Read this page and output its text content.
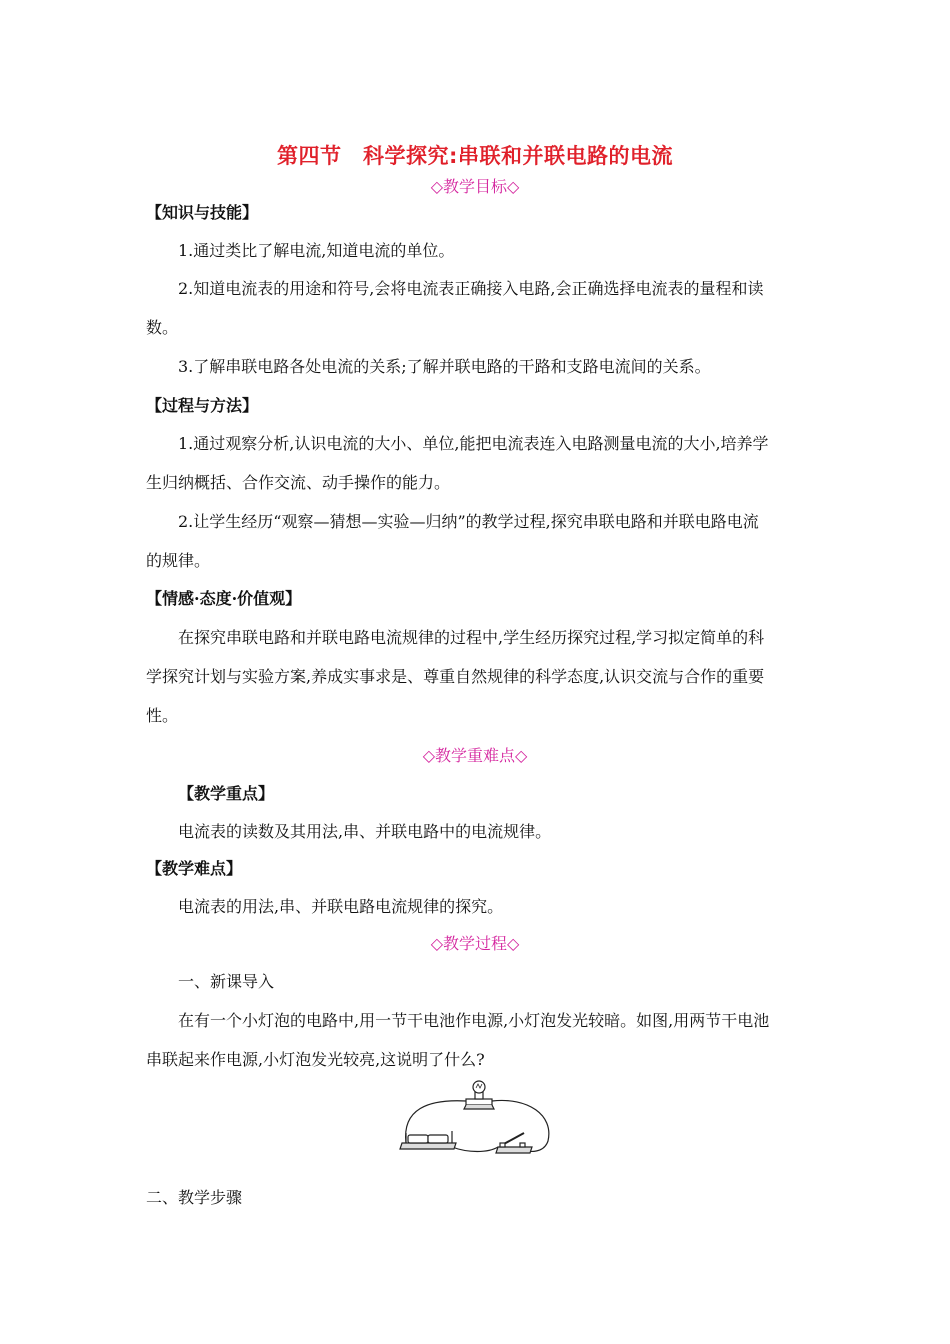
第四节　科学探究:串联和并联电路的电流
◇教学目标◇
【知识与技能】
1.通过类比了解电流,知道电流的单位。
2.知道电流表的用途和符号,会将电流表正确接入电路,会正确选择电流表的量程和读
数。
3.了解串联电路各处电流的关系;了解并联电路的干路和支路电流间的关系。
【过程与方法】
1.通过观察分析,认识电流的大小、单位,能把电流表连入电路测量电流的大小,培养学
生归纳概括、合作交流、动手操作的能力。
2.让学生经历“观察—猜想—实验—归纳”的教学过程,探究串联电路和并联电路电流
的规律。
【情感·态度·价值观】
在探究串联电路和并联电路电流规律的过程中,学生经历探究过程,学习拟定简单的科
学探究计划与实验方案,养成实事求是、尊重自然规律的科学态度,认识交流与合作的重要
性。
◇教学重难点◇
【教学重点】
电流表的读数及其用法,串、并联电路中的电流规律。
【教学难点】
电流表的用法,串、并联电路电流规律的探究。
◇教学过程◇
一、新课导入
在有一个小灯泡的电路中,用一节干电池作电源,小灯泡发光较暗。如图,用两节干电池
串联起来作电源,小灯泡发光较亮,这说明了什么?
二、教学步骤
